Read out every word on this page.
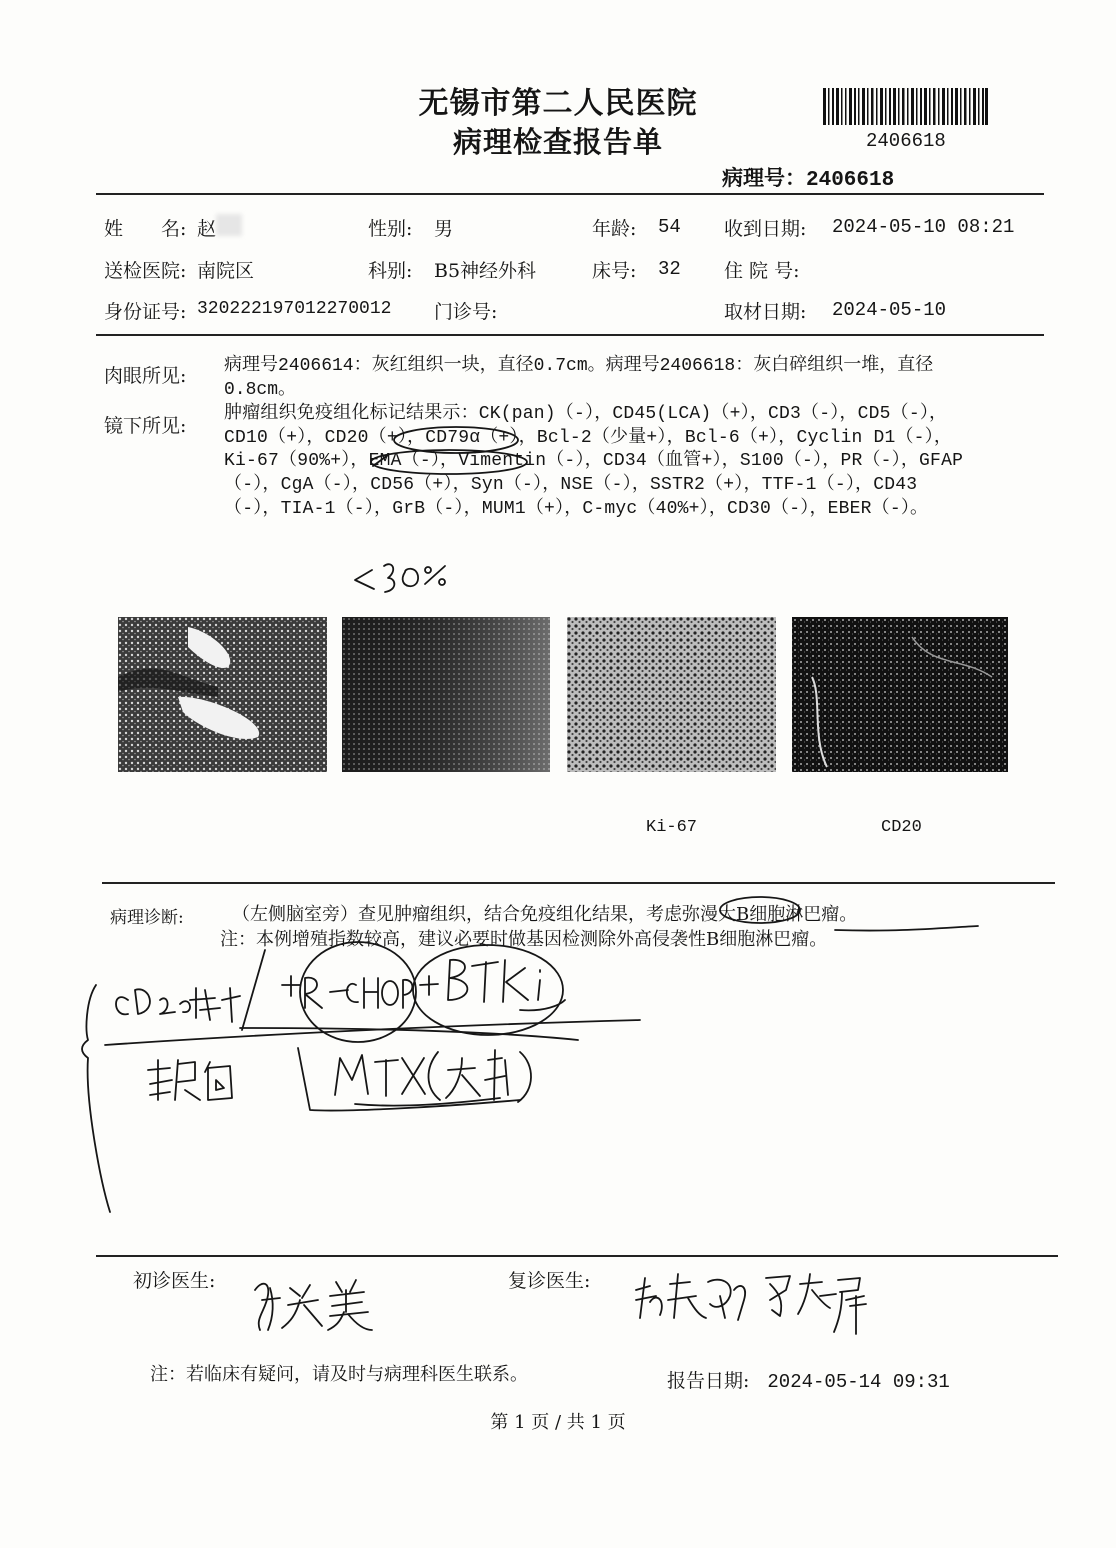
无锡市第二人民医院
病理检查报告单	2406618
病理号：2406618
姓　　名: 赵	性别: 男	年龄: 54 收到日期: 2024-05-10 08:21
送检医院: 南院区	科别: B5神经外科	床号: 32 住 院 号:
身份证号: 320222197012270012 门诊号:	取材日期: 2024-05-10
肉眼所见: 病理号2406614：灰红组织一块，直径0.7cm。病理号2406618：灰白碎组织一堆，直径0.8cm。
镜下所见:
肿瘤组织免疫组化标记结果示：CK(pan)（-），CD45(LCA)（+），CD3（-），CD5（-），CD10（+），CD20（+），CD79α（+），Bcl-2（少量+），Bcl-6（+），Cyclin D1（-），Ki-67（90%+），EMA（-），Vimentin（-），CD34（血管+），S100（-），PR（-），GFAP（-），CgA（-），CD56（+），Syn（-），NSE（-），SSTR2（+），TTF-1（-），CD43（-），TIA-1（-），GrB（-），MUM1（+），C-myc（40%+），CD30（-），EBER（-）。
Ki-67	CD20
病理诊断:	（左侧脑室旁）查见肿瘤组织，结合免疫组化结果，考虑弥漫大B细胞淋巴瘤。
注：本例增殖指数较高，建议必要时做基因检测除外高侵袭性B细胞淋巴瘤。
初诊医生:	复诊医生:
注：若临床有疑问，请及时与病理科医生联系。	报告日期: 2024-05-14 09:31
第 1 页 / 共 1 页
